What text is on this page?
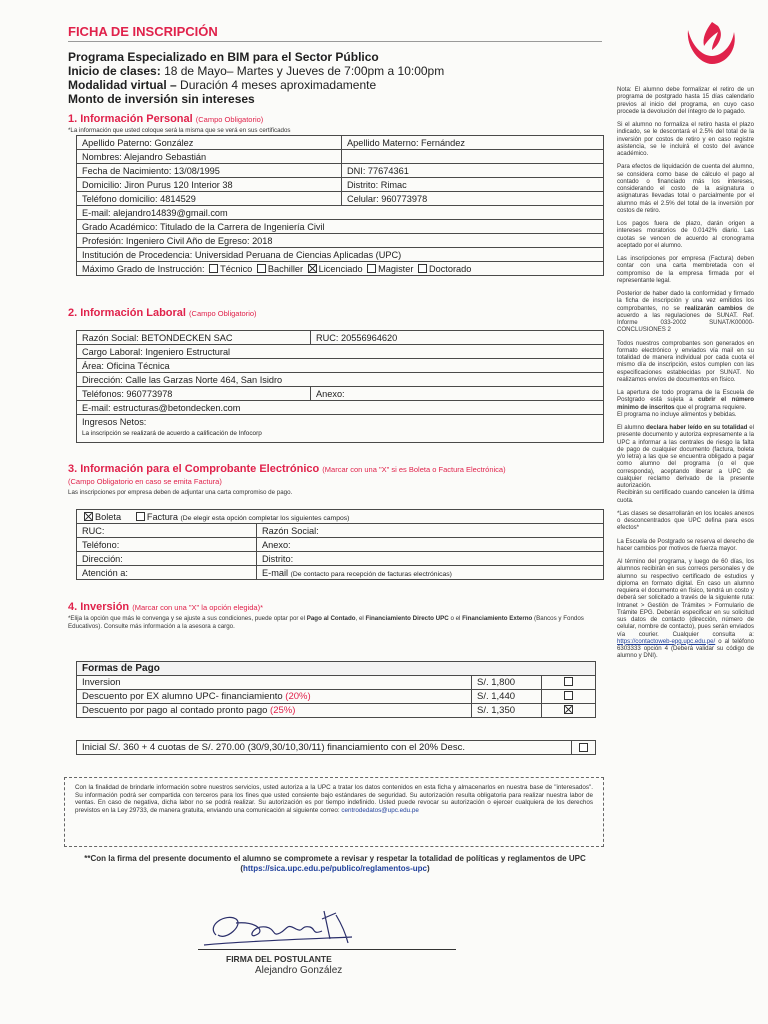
FICHA DE INSCRIPCIÓN
Programa Especializado en BIM para el Sector Público
Inicio de clases: 18 de Mayo– Martes y Jueves de 7:00pm a 10:00pm
Modalidad virtual – Duración 4 meses aproximadamente
Monto de inversión sin intereses
1. Información Personal (Campo Obligatorio)
*La información que usted coloque será la misma que se verá en sus certificados
Apellido Paterno: González	Apellido Materno: Fernández
Nombres: Alejandro Sebastián	
Fecha de Nacimiento: 13/08/1995	DNI: 77674361
Domicilio: Jiron Purus 120 Interior 38	Distrito: Rimac
Teléfono domicilio: 4814529	Celular: 960773978
E-mail: alejandro14839@gmail.com	
Grado Académico: Titulado de la Carrera de Ingeniería Civil	
Profesión: Ingeniero Civil Año de Egreso: 2018	
Institución de Procedencia: Universidad Peruana de Ciencias Aplicadas (UPC)	
Máximo Grado de Instrucción: Técnico Bachiller Licenciado Magister Doctorado	
2. Información Laboral (Campo Obligatorio)
Razón Social: BETONDECKEN SAC	RUC: 20556964620
Cargo Laboral: Ingeniero Estructural	
Área: Oficina Técnica	
Dirección: Calle las Garzas Norte 464, San Isidro	
Teléfonos: 960773978	Anexo:
E-mail: estructuras@betondecken.com	

Ingresos Netos:
La inscripción se realizará de acuerdo a calificación de Infocorp	
3. Información para el Comprobante Electrónico (Marcar con una "X" si es Boleta o Factura Electrónica)
(Campo Obligatorio en caso se emita Factura)
Las inscripciones por empresa deben de adjuntar una carta compromiso de pago.
Boleta Factura (De elegir esta opción completar los siguientes campos)	
RUC:	Razón Social:
Teléfono:	Anexo:
Dirección:	Distrito:
Atención a:	E-mail (De contacto para recepción de facturas electrónicas)
4. Inversión (Marcar con una "X" la opción elegida)*
*Elija la opción que más le convenga y se ajuste a sus condiciones, puede optar por el Pago al Contado, el Financiamiento Directo UPC o el Financiamiento Externo (Bancos y Fondos Educativos). Consulte más información a la asesora a cargo.
Formas de Pago		
Inversion	S/. 1,800	
Descuento por EX alumno UPC- financiamiento (20%)	S/. 1,440	
Descuento por pago al contado pronto pago (25%)	S/. 1,350	
Inicial S/. 360 + 4 cuotas de S/. 270.00 (30/9,30/10,30/11) financiamiento con el 20% Desc.	

Nota: El alumno debe formalizar el retiro de un programa de postgrado hasta 15 días calendario previos al inicio del programa, en cuyo caso procede la devolución del íntegro de lo pagado.

Si el alumno no formaliza el retiro hasta el plazo indicado, se le descontará el 2.5% del total de la inversión por costos de retiro y en caso registre asistencia, se le incluirá el costo del avance académico.

Para efectos de liquidación de cuenta del alumno, se considera como base de cálculo el pago al contado o financiado más los intereses, considerando el costo de la asignatura o asignaturas llevadas total o parcialmente por el alumno más el 2.5% del total de la inversión por costos de retiro.

Los pagos fuera de plazo, darán origen a intereses moratorios de 0.0142% diario. Las cuotas se vencen de acuerdo al cronograma aceptado por el alumno.

Las inscripciones por empresa (Factura) deben contar con una carta membretada con el compromiso de la empresa firmada por el representante legal.

Posterior de haber dado la conformidad y firmado la ficha de inscripción y una vez emitidos los comprobantes, no se realizarán cambios de acuerdo a las regulaciones de SUNAT. Ref. Informe 033-2002 SUNAT/K00000-CONCLUSIONES 2

Todos nuestros comprobantes son generados en formato electrónico y enviados vía mail en su totalidad de manera individual por cada cuota el mismo día de inscripción, estos cumplen con las especificaciones establecidas por SUNAT. No realizamos envíos de documentos en físico.

La apertura de todo programa de la Escuela de Postgrado está sujeta a cubrir el número mínimo de inscritos que el programa requiere.
El programa no incluye alimentos y bebidas.

El alumno declara haber leído en su totalidad el presente documento y autoriza expresamente a la UPC a informar a las centrales de riesgo la falta de pago de cualquier documento (factura, boleta y/o letra) a las que se encuentra obligado a pagar como alumno del programa (o el que corresponda), aceptando liberar a UPC de cualquier reclamo derivado de la presente autorización.
Recibirán su certificado cuando cancelen la última cuota.

*Las clases se desarrollarán en los locales anexos o desconcentrados que UPC defina para esos efectos*

La Escuela de Postgrado se reserva el derecho de hacer cambios por motivos de fuerza mayor.

Al término del programa, y luego de 60 días, los alumnos recibirán en sus correos personales y de alumno su respectivo certificado de estudios y diploma en formato digital. En caso un alumno requiera el documento en físico, tendrá un costo y deberá ser solicitado a través de la siguiente ruta: Intranet > Gestión de Trámites > Formulario de Trámite EPG. Deberán especificar en su solicitud sus datos de contacto (dirección, número de celular, nombre de contacto), pues serán enviados vía courier. Cualquier consulta a: https://contactoweb-epg.upc.edu.pe/ o al teléfono 6303333 opción 4 (Deberá validar su código de alumno y DNI).

Con la finalidad de brindarle información sobre nuestros servicios, usted autoriza a la UPC a tratar los datos contenidos en esta ficha y almacenarlos en nuestra base de "interesados". Su información podrá ser compartida con terceros para los fines que usted consiente bajo estándares de seguridad. Su autorización resulta obligatoria para realizar nuestra labor de ventas. En caso de negativa, dicha labor no se podrá realizar. Su autorización es por tiempo indefinido. Usted puede revocar su autorización o ejercer cualquiera de los derechos previstos en la Ley 29733, de manera gratuita, enviando una comunicación al siguiente correo: centrodedatos@upc.edu.pe
**Con la firma del presente documento el alumno se compromete a revisar y respetar la totalidad de políticas y reglamentos de UPC (https://sica.upc.edu.pe/publico/reglamentos-upc)
FIRMA DEL POSTULANTE
Alejandro González
